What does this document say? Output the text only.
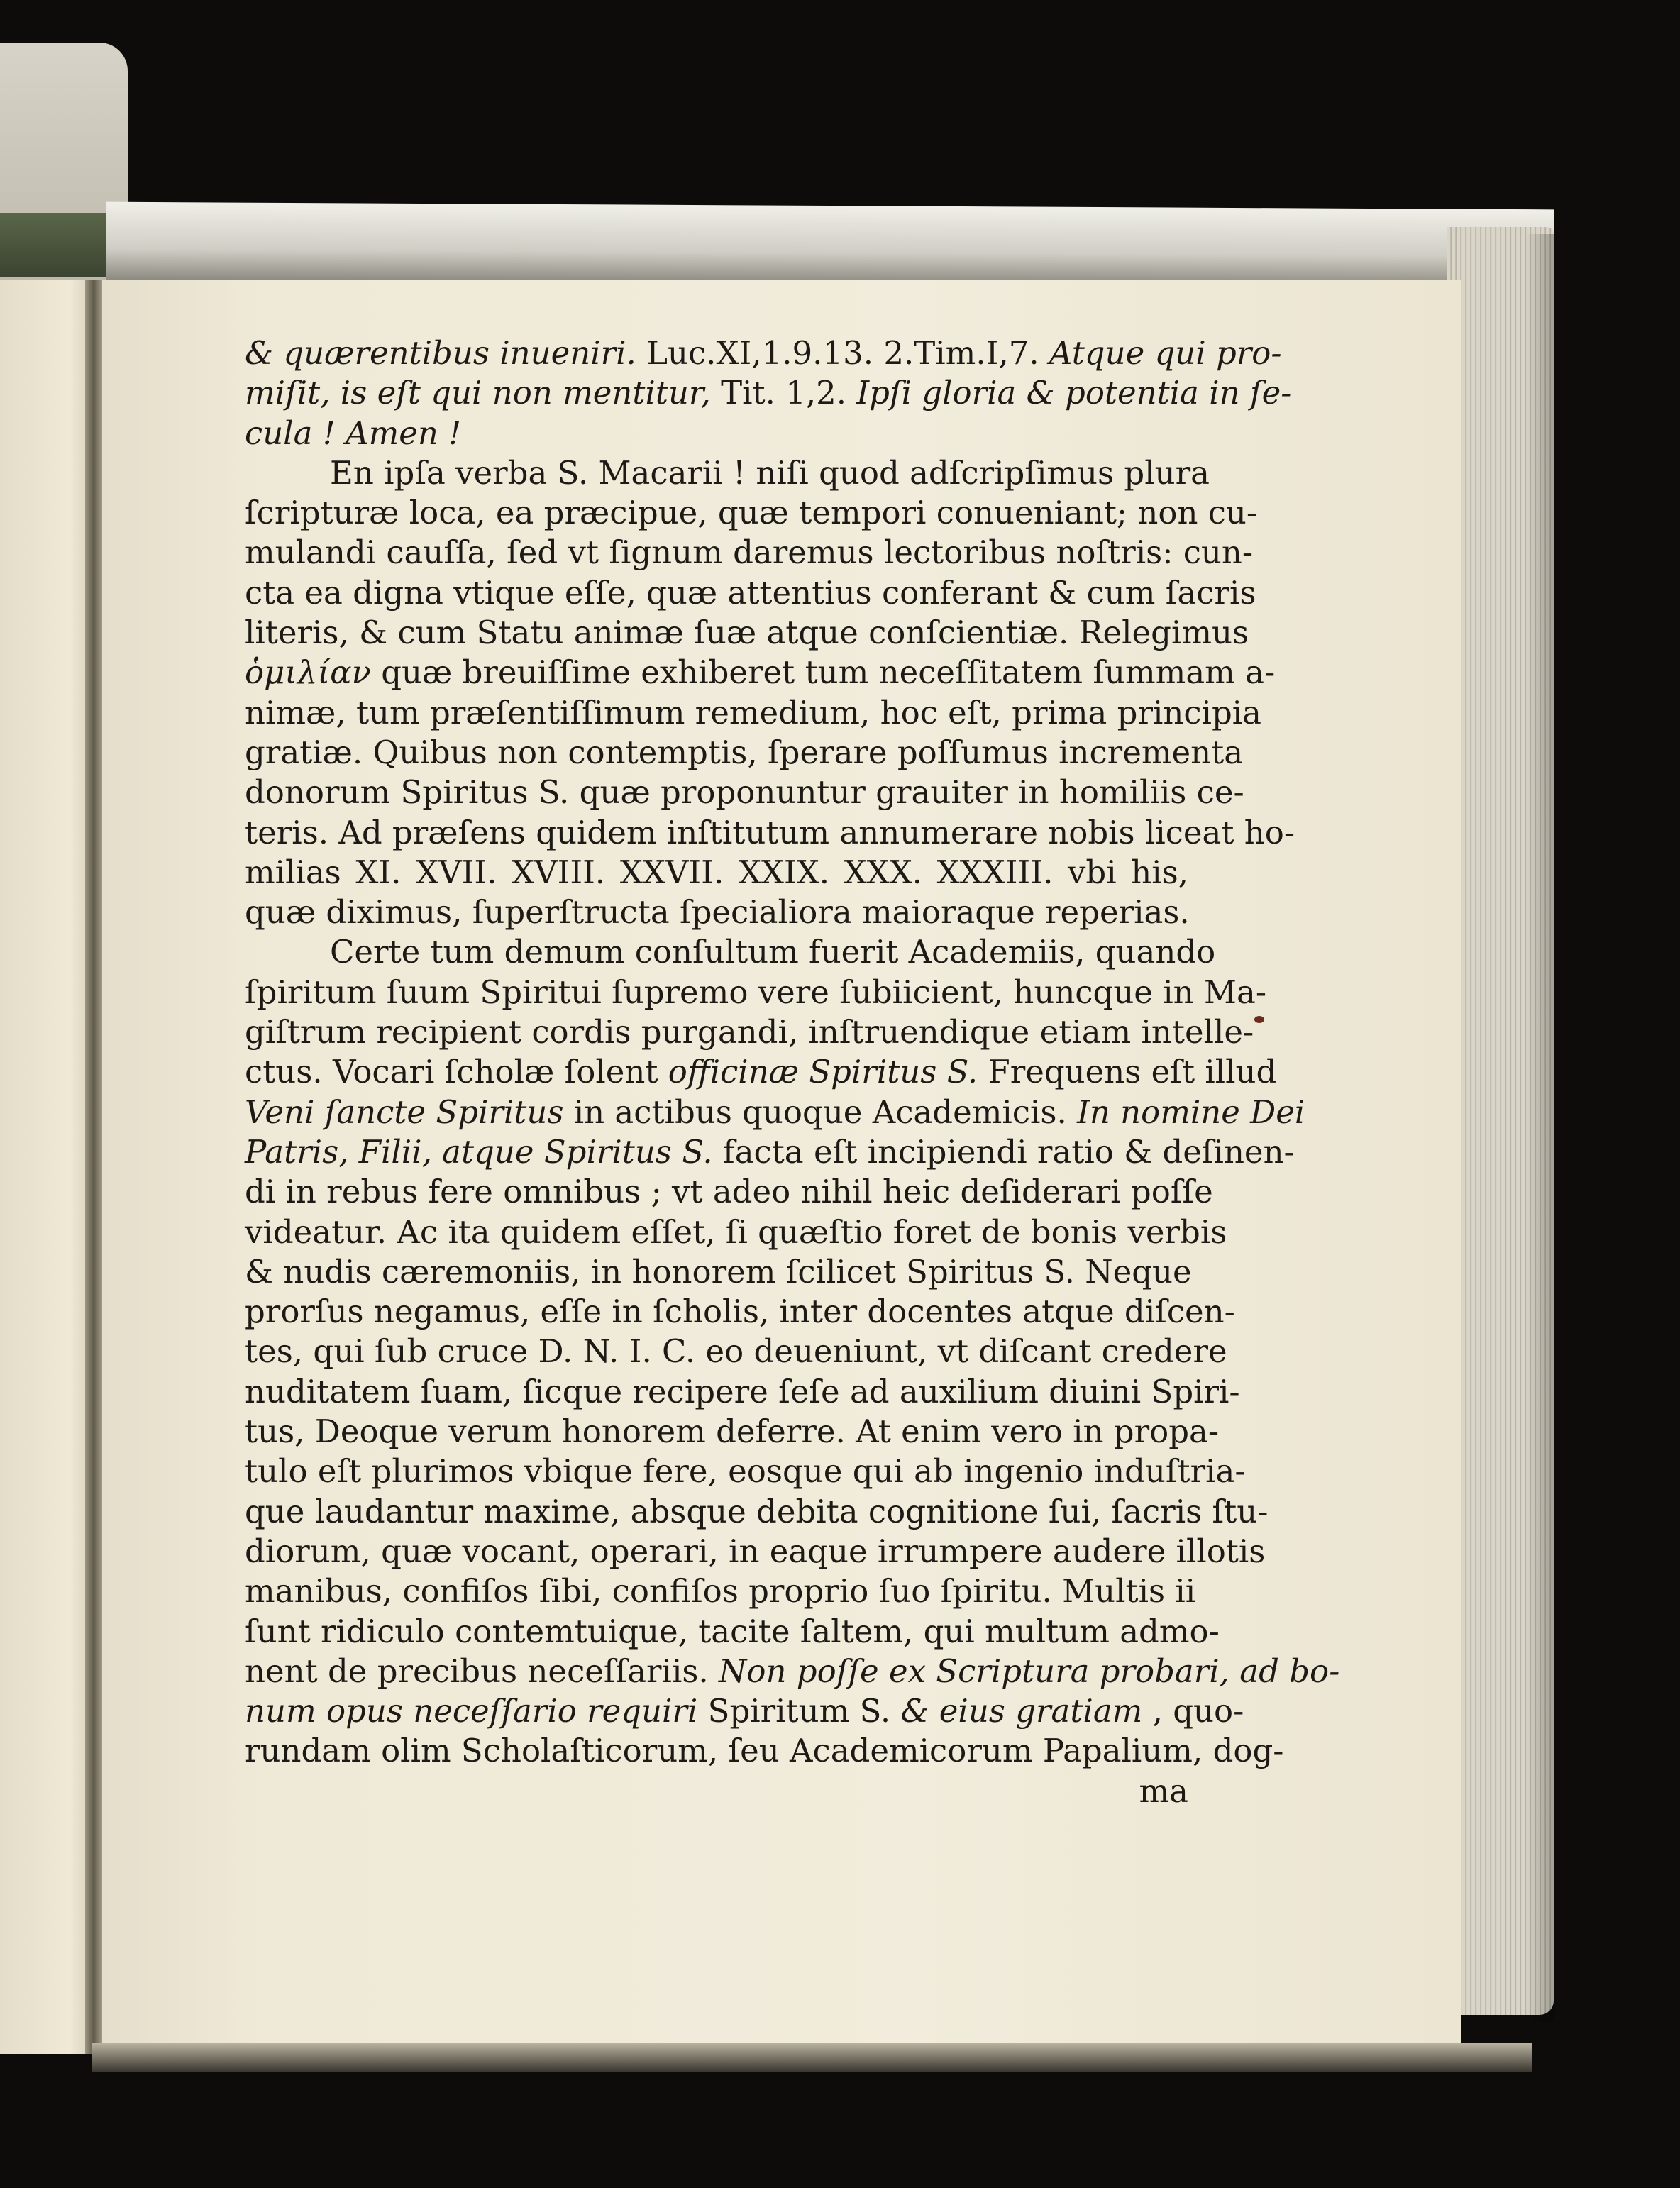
& quærentibus inueniri. Luc.XI,1.9.13. 2.Tim.I,7. Atque qui pro-
miſit, is eſt qui non mentitur, Tit. 1,2. Ipſi gloria & potentia in ſe-
cula ! Amen !
En ipſa verba S. Macarii ! niſi quod adſcripſimus plura
ſcripturæ loca, ea præcipue, quæ tempori conueniant; non cu-
mulandi cauſſa, ſed vt ſignum daremus lectoribus noſtris: cun-
cta ea digna vtique eſſe, quæ attentius conferant & cum ſacris
literis, & cum Statu animæ ſuæ atque conſcientiæ. Relegimus
ὁμιλίαν quæ breuiſſime exhiberet tum neceſſitatem ſummam a-
nimæ, tum præſentiſſimum remedium, hoc eſt, prima principia
gratiæ. Quibus non contemptis, ſperare poſſumus incrementa
donorum Spiritus S. quæ proponuntur grauiter in homiliis ce-
teris. Ad præſens quidem inſtitutum annumerare nobis liceat ho-
milias XI. XVII. XVIII. XXVII. XXIX. XXX. XXXIII. vbi his,
quæ diximus, ſuperſtructa ſpecialiora maioraque reperias.
Certe tum demum conſultum fuerit Academiis, quando
ſpiritum ſuum Spiritui ſupremo vere ſubiicient, huncque in Ma-
giſtrum recipient cordis purgandi, inſtruendique etiam intelle-
ctus. Vocari ſcholæ ſolent officinæ Spiritus S. Frequens eſt illud
Veni ſancte Spiritus in actibus quoque Academicis. In nomine Dei
Patris, Filii, atque Spiritus S. facta eſt incipiendi ratio & deſinen-
di in rebus fere omnibus ; vt adeo nihil heic deſiderari poſſe
videatur. Ac ita quidem eſſet, ſi quæſtio foret de bonis verbis
& nudis cæremoniis, in honorem ſcilicet Spiritus S. Neque
prorſus negamus, eſſe in ſcholis, inter docentes atque diſcen-
tes, qui ſub cruce D. N. I. C. eo deueniunt, vt diſcant credere
nuditatem ſuam, ſicque recipere ſeſe ad auxilium diuini Spiri-
tus, Deoque verum honorem deferre. At enim vero in propa-
tulo eſt plurimos vbique fere, eosque qui ab ingenio induſtria-
que laudantur maxime, absque debita cognitione ſui, ſacris ſtu-
diorum, quæ vocant, operari, in eaque irrumpere audere illotis
manibus, confiſos ſibi, confiſos proprio ſuo ſpiritu. Multis ii
ſunt ridiculo contemtuique, tacite ſaltem, qui multum admo-
nent de precibus neceſſariis. Non poſſe ex Scriptura probari, ad bo-
num opus neceſſario requiri Spiritum S. & eius gratiam , quo-
rundam olim Scholaſticorum, ſeu Academicorum Papalium, dog-
ma
